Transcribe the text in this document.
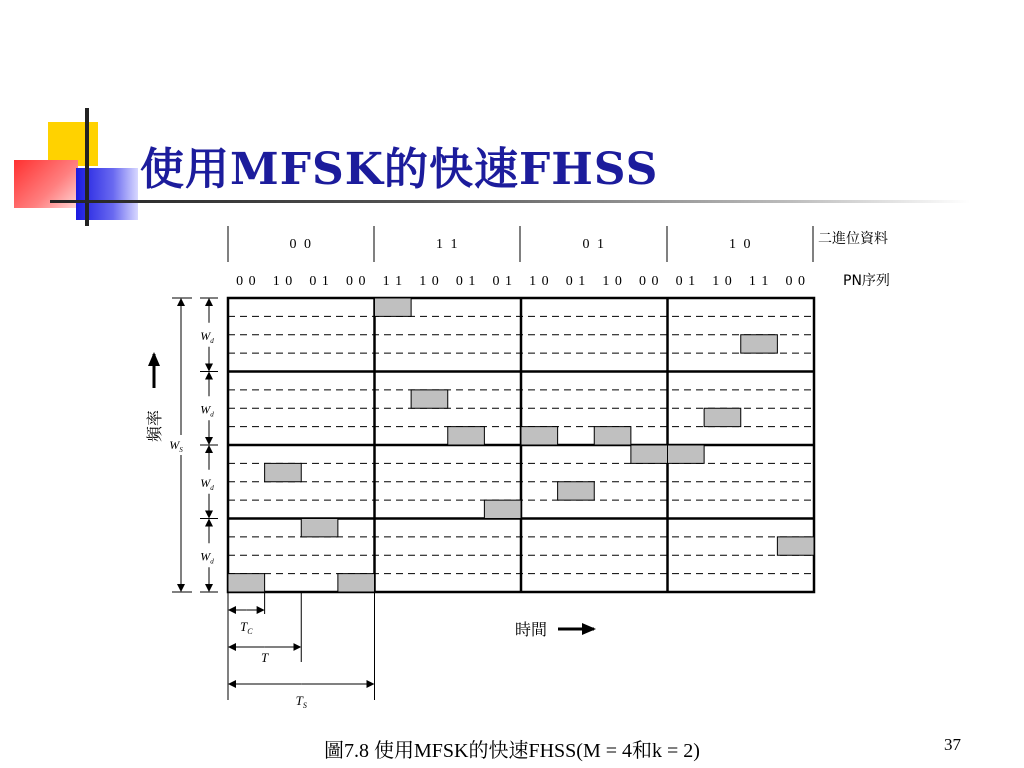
使用MFSK的快速FHSS
0 0	1 1	0 1	1 0	二進位資料
0 0 1 0 0 1 0 0 1 1 1 0 0 1 0 1 1 0 0 1 1 0 0 0 0 1 1 0 1 1 0 0	PN序列
$W_d$
$W_d$
$W_d$
$W_d$
$W_S$
頻率
時間
$T_C$
T
$T_S$
圖7.8 使用MFSK的快速FHSS(M = 4和k = 2)	37
